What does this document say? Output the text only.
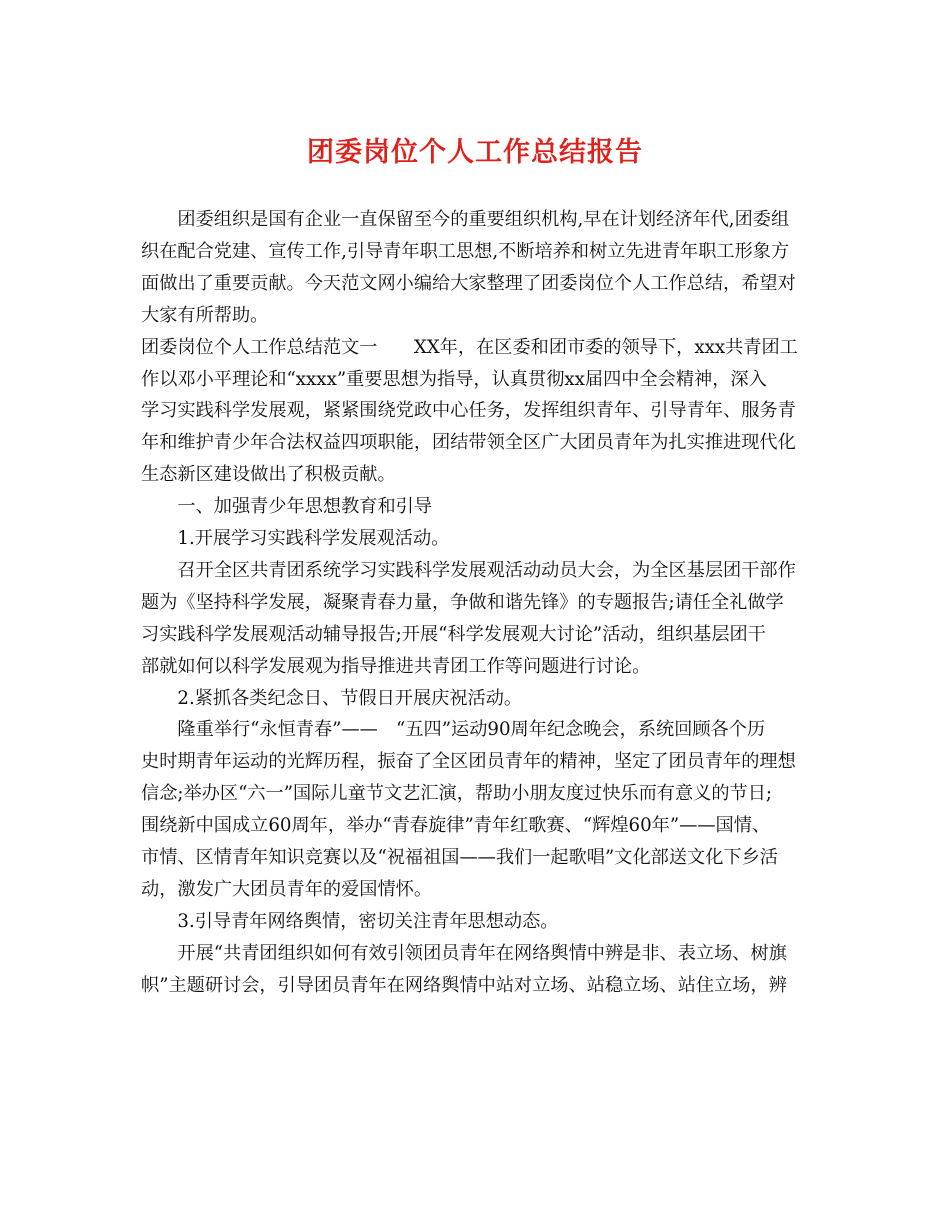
团委岗位个人工作总结报告

　　团委组织是国有企业一直保留至今的重要组织机构,早在计划经济年代,团委组

织在配合党建、宣传工作,引导青年职工思想,不断培养和树立先进青年职工形象方

面做出了重要贡献。今天范文网小编给大家整理了团委岗位个人工作总结，希望对

大家有所帮助。

团委岗位个人工作总结范文一　　XX年，在区委和团市委的领导下，xxx共青团工

作以邓小平理论和“xxxx”重要思想为指导，认真贯彻xx届四中全会精神，深入

学习实践科学发展观，紧紧围绕党政中心任务，发挥组织青年、引导青年、服务青

年和维护青少年合法权益四项职能，团结带领全区广大团员青年为扎实推进现代化

生态新区建设做出了积极贡献。

　　一、加强青少年思想教育和引导

　　1.开展学习实践科学发展观活动。

　　召开全区共青团系统学习实践科学发展观活动动员大会，为全区基层团干部作

题为《坚持科学发展，凝聚青春力量，争做和谐先锋》的专题报告;请任全礼做学

习实践科学发展观活动辅导报告;开展“科学发展观大讨论”活动，组织基层团干

部就如何以科学发展观为指导推进共青团工作等问题进行讨论。

　　2.紧抓各类纪念日、节假日开展庆祝活动。

　　隆重举行“永恒青春”——　“五四”运动90周年纪念晚会，系统回顾各个历

史时期青年运动的光辉历程，振奋了全区团员青年的精神，坚定了团员青年的理想

信念;举办区“六一”国际儿童节文艺汇演，帮助小朋友度过快乐而有意义的节日;

围绕新中国成立60周年，举办“青春旋律”青年红歌赛、“辉煌60年”——国情、

市情、区情青年知识竞赛以及“祝福祖国——我们一起歌唱”文化部送文化下乡活

动，激发广大团员青年的爱国情怀。

　　3.引导青年网络舆情，密切关注青年思想动态。

　　开展“共青团组织如何有效引领团员青年在网络舆情中辨是非、表立场、树旗

帜”主题研讨会，引导团员青年在网络舆情中站对立场、站稳立场、站住立场，辨
